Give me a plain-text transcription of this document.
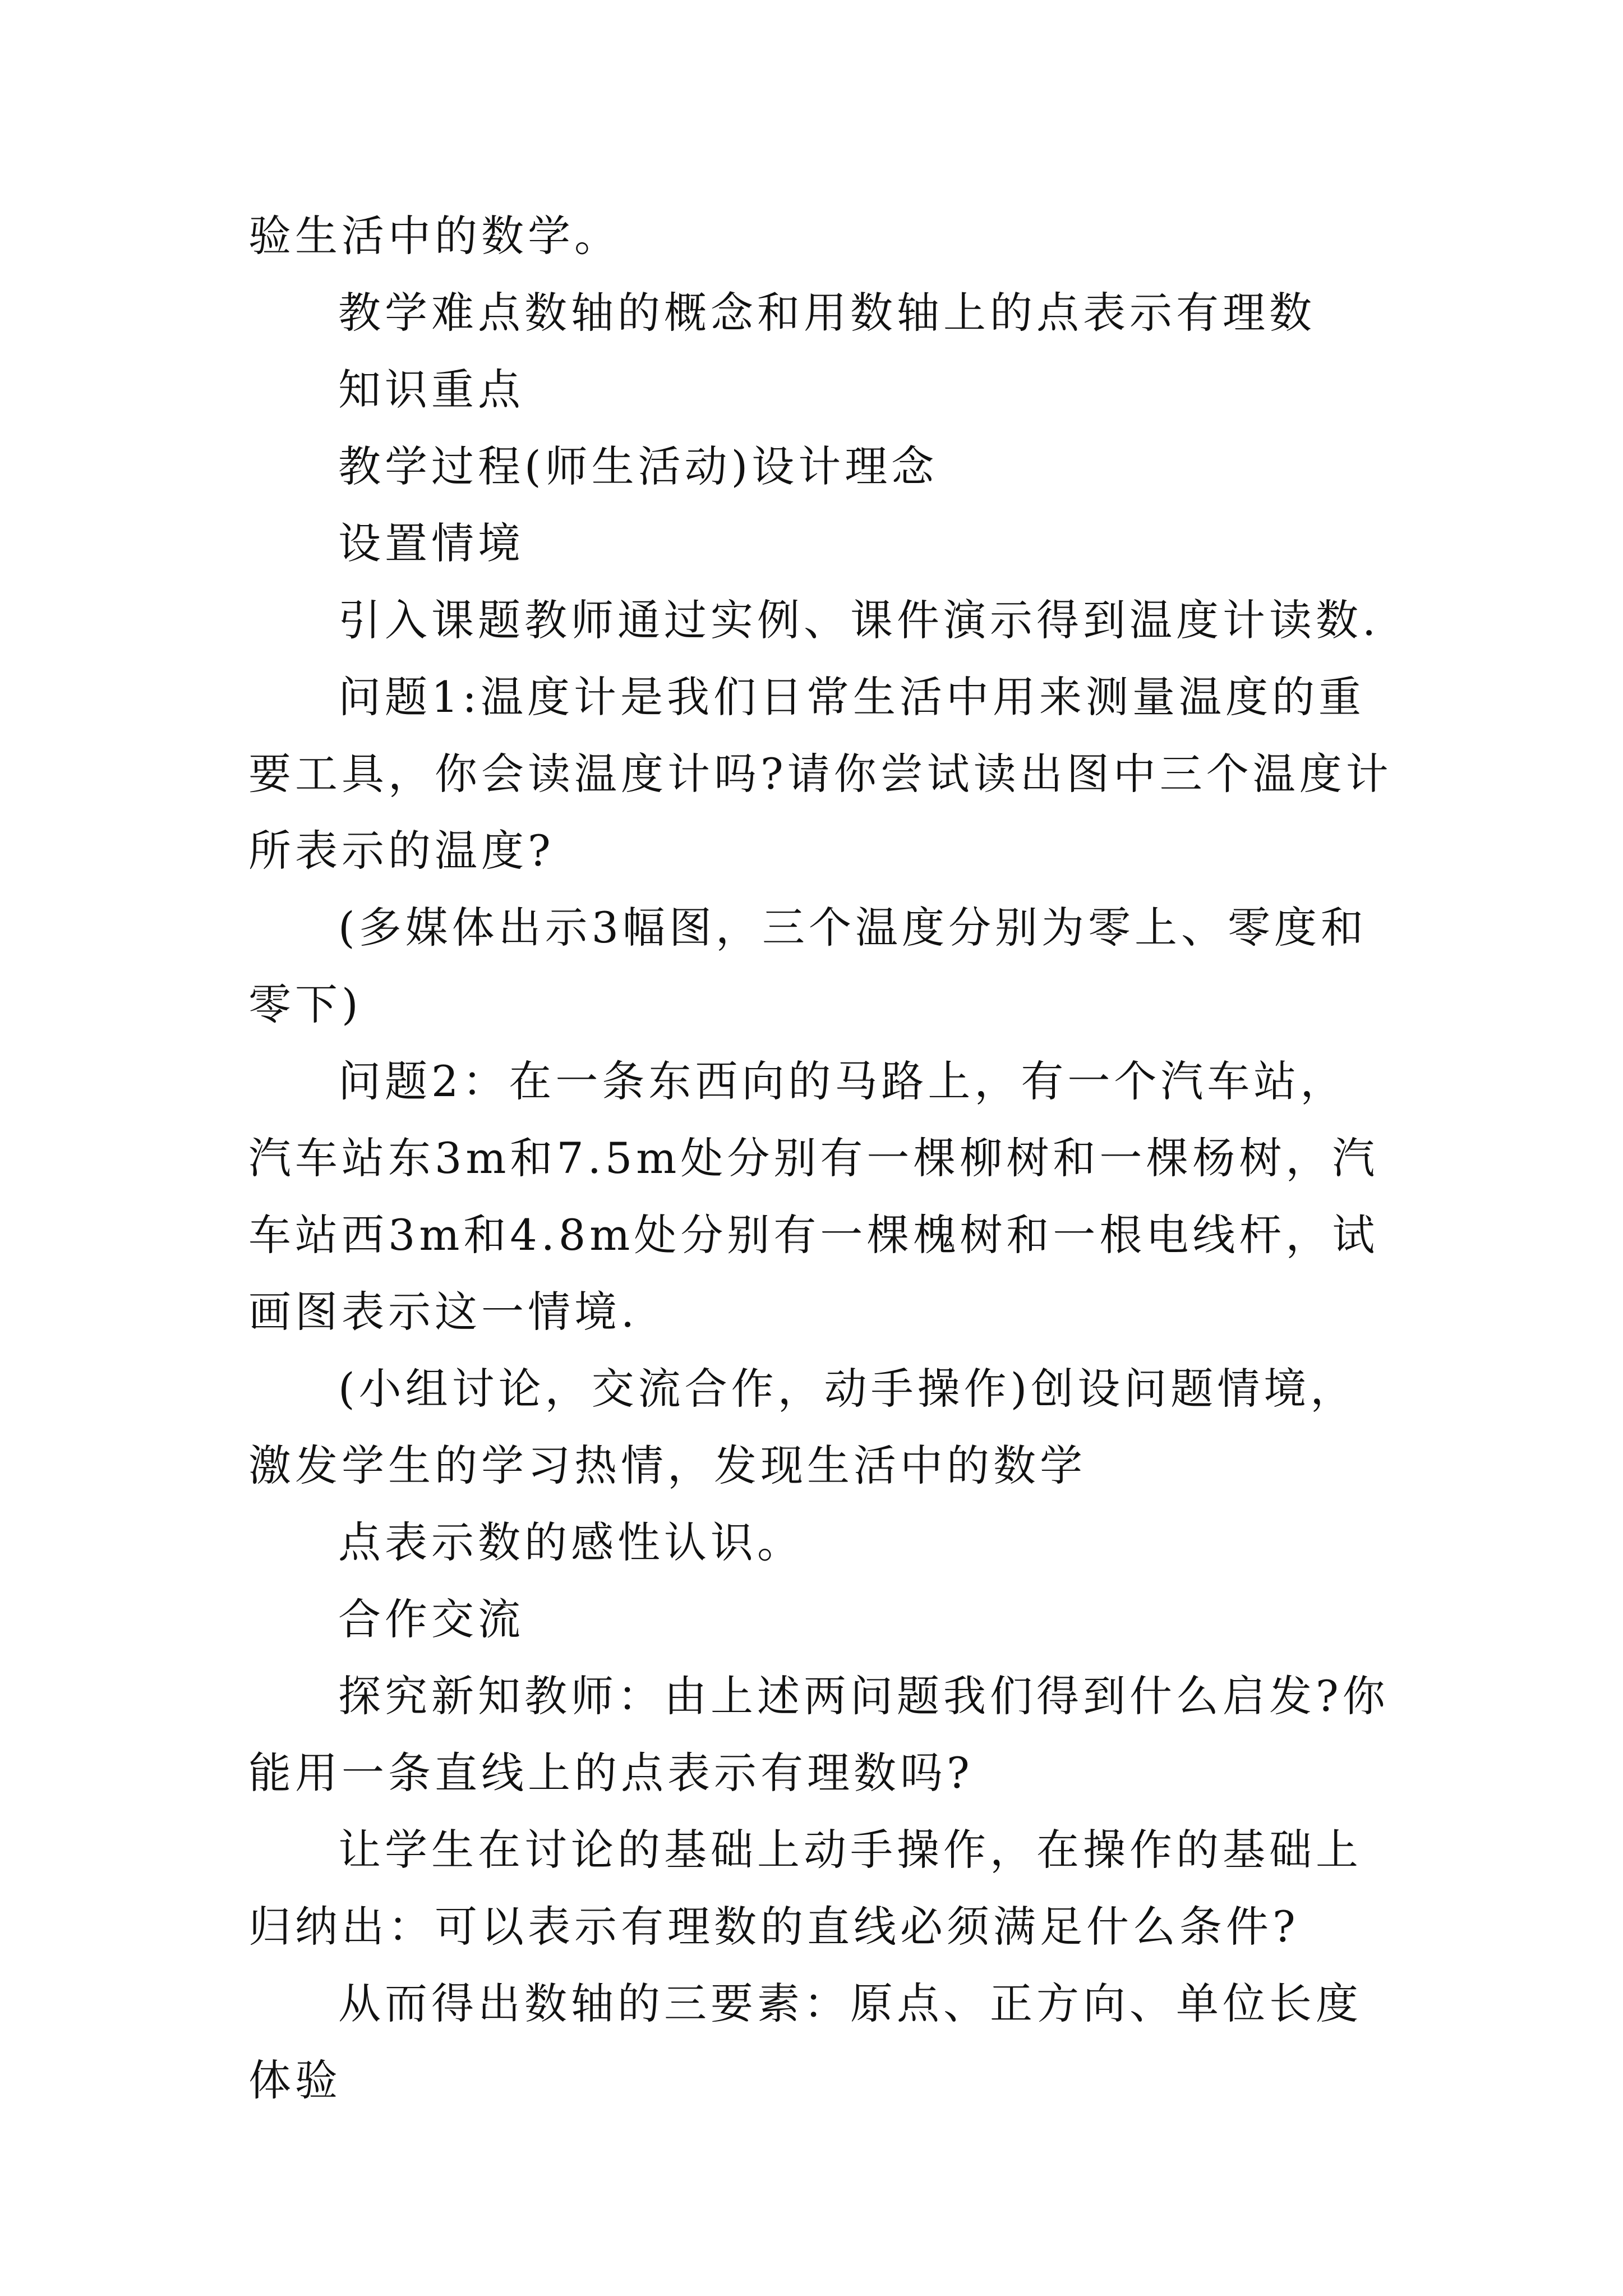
验生活中的数学。

教学难点数轴的概念和用数轴上的点表示有理数

知识重点

教学过程(师生活动)设计理念

设置情境

引入课题教师通过实例、课件演示得到温度计读数.

问题1:温度计是我们日常生活中用来测量温度的重要工具，你会读温度计吗?请你尝试读出图中三个温度计所表示的温度?

(多媒体出示3幅图，三个温度分别为零上、零度和零下)

问题2：在一条东西向的马路上，有一个汽车站，汽车站东3m和7.5m处分别有一棵柳树和一棵杨树，汽车站西3m和4.8m处分别有一棵槐树和一根电线杆，试画图表示这一情境.

(小组讨论，交流合作，动手操作)创设问题情境，激发学生的学习热情，发现生活中的数学

点表示数的感性认识。

合作交流

探究新知教师：由上述两问题我们得到什么启发?你能用一条直线上的点表示有理数吗?

让学生在讨论的基础上动手操作，在操作的基础上归纳出：可以表示有理数的直线必须满足什么条件?

从而得出数轴的三要素：原点、正方向、单位长度体验
